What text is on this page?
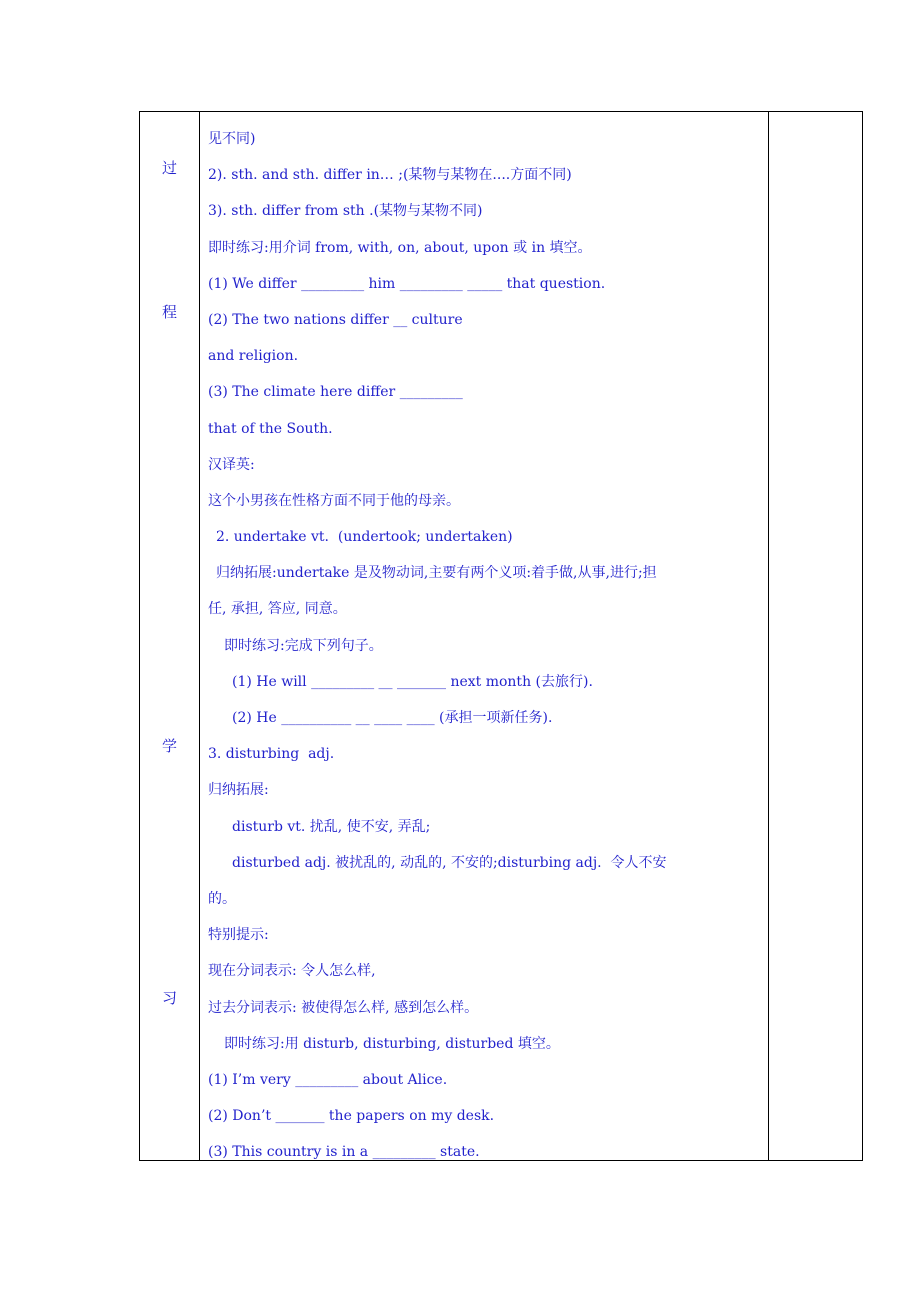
过
程
学
习
见不同)
2). sth. and sth. differ in… ;(某物与某物在....方面不同)
3). sth. differ from sth .(某物与某物不同)
即时练习:用介词 from, with, on, about, upon 或 in 填空。
(1) We differ _________ him _________ _____ that question.
(2) The two nations differ __ culture
and religion.
(3) The climate here differ _________
that of the South.
汉译英:
这个小男孩在性格方面不同于他的母亲。
2. undertake vt.  (undertook; undertaken)
归纳拓展:undertake 是及物动词,主要有两个义项:着手做,从事,进行;担
任, 承担, 答应, 同意。
即时练习:完成下列句子。
(1) He will _________ __ _______ next month (去旅行).
(2) He __________ __ ____ ____ (承担一项新任务).
3. disturbing  adj.
归纳拓展:
disturb vt. 扰乱, 使不安, 弄乱;
disturbed adj. 被扰乱的, 动乱的, 不安的;disturbing adj.  令人不安
的。
特别提示:
现在分词表示: 令人怎么样,
过去分词表示: 被使得怎么样, 感到怎么样。
即时练习:用 disturb, disturbing, disturbed 填空。
(1) I’m very _________ about Alice.
(2) Don’t _______ the papers on my desk.
(3) This country is in a _________ state.
